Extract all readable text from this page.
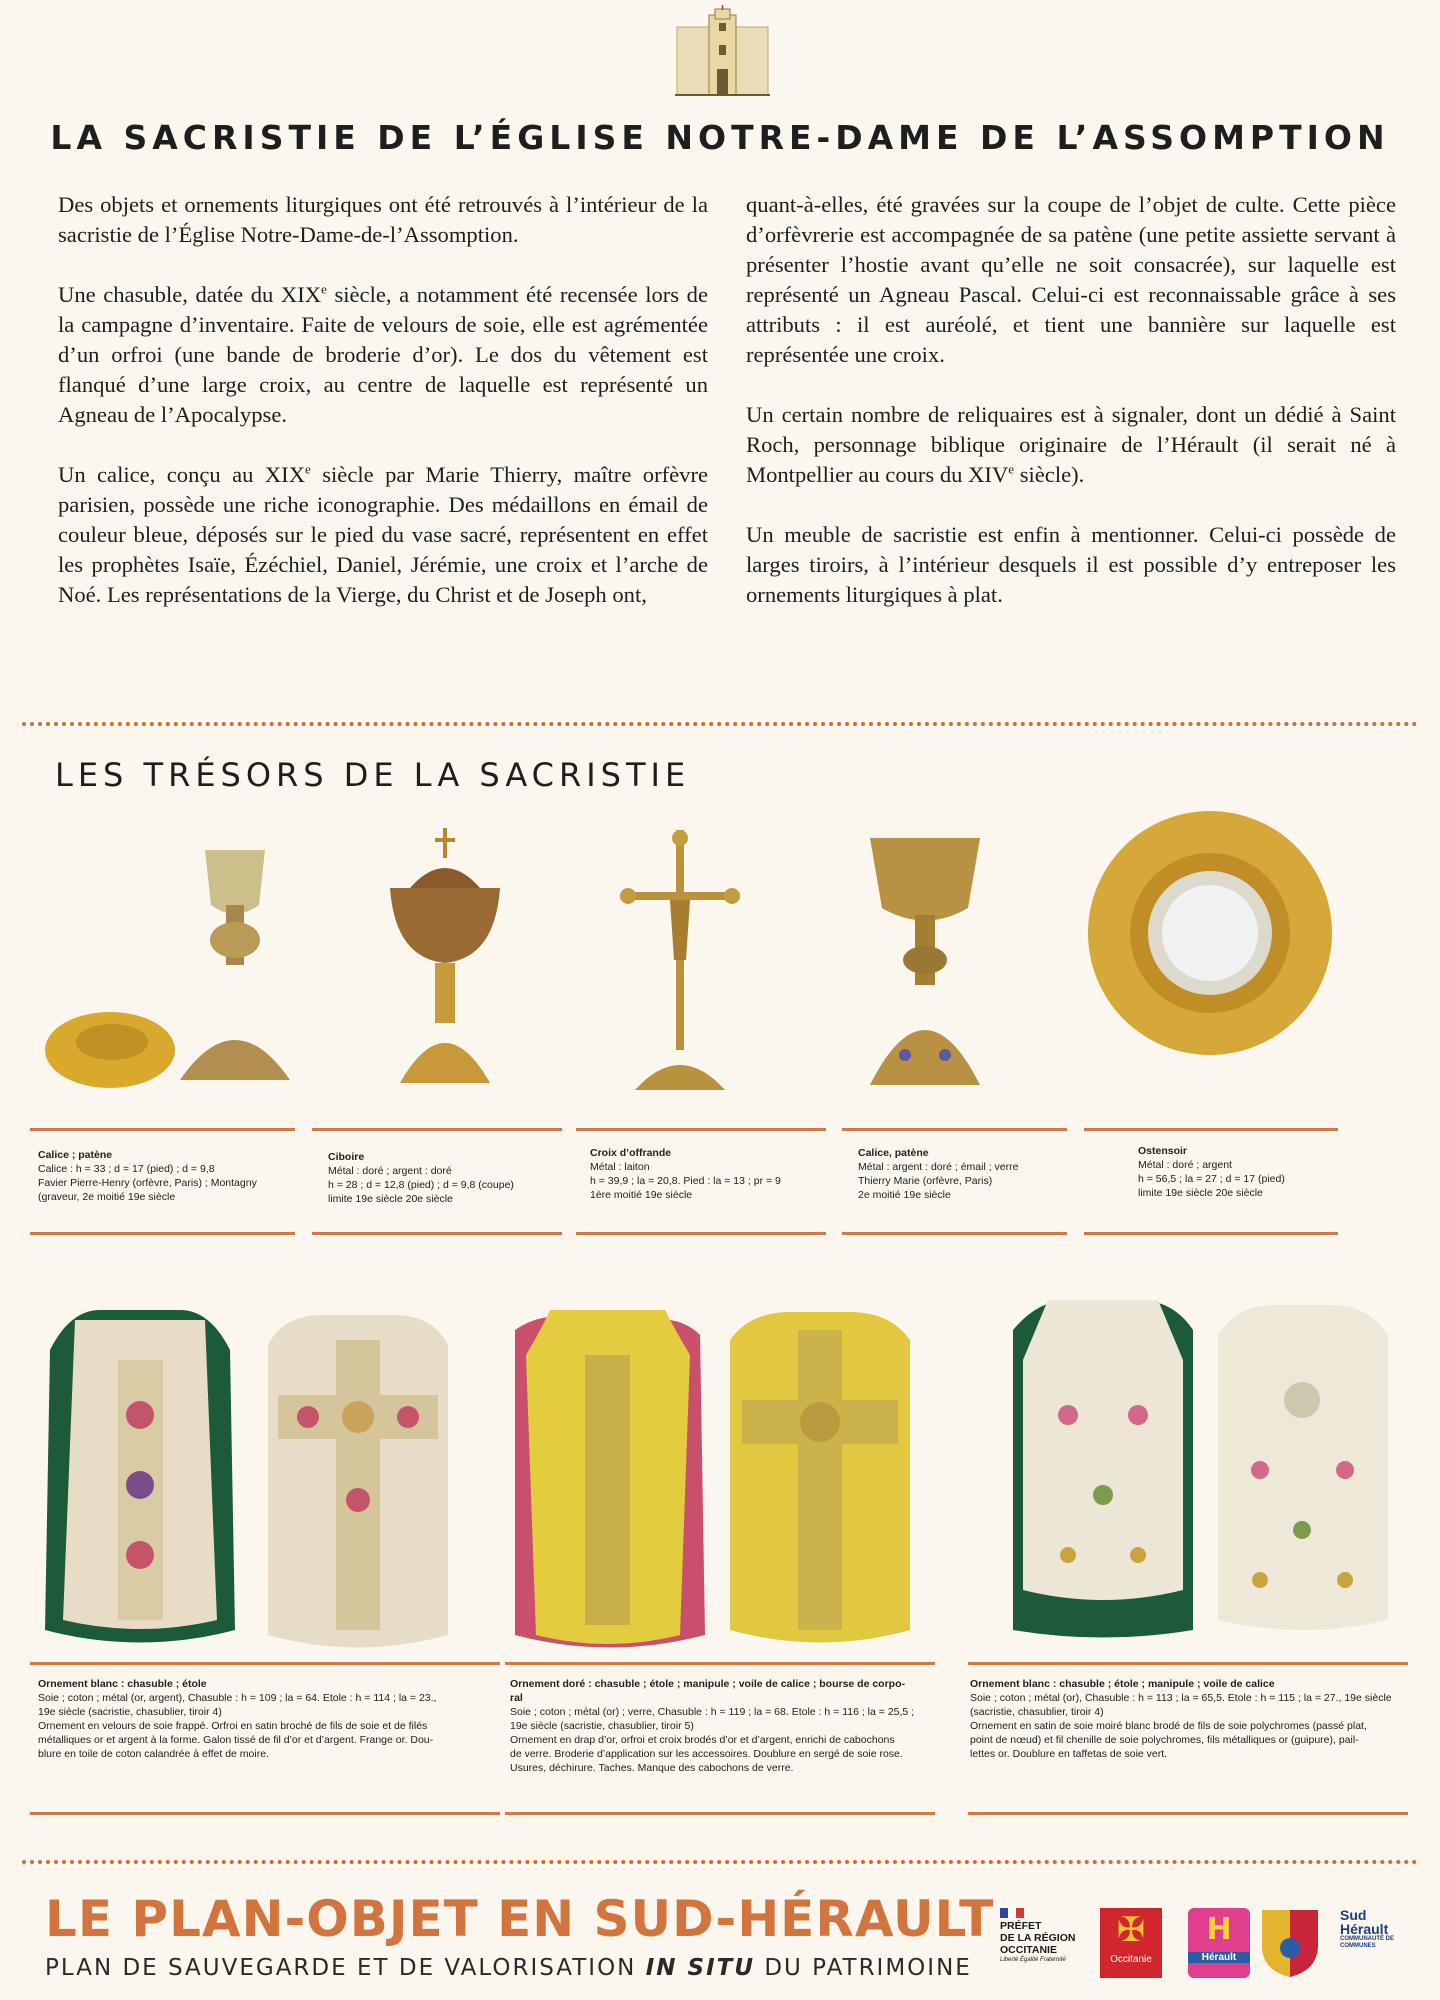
LA SACRISTIE DE L’ÉGLISE NOTRE-DAME DE L’ASSOMPTION

Des objets et ornements liturgiques ont été retrouvés à l’intérieur de la sacristie de l’Église Notre-Dame-de-l’Assomption.

Une chasuble, datée du XIXe siècle, a notamment été recensée lors de la campagne d’inventaire. Faite de velours de soie, elle est agrémentée d’un orfroi (une bande de broderie d’or). Le dos du vêtement est flanqué d’une large croix, au centre de laquelle est représenté un Agneau de l’Apocalypse.

Un calice, conçu au XIXe siècle par Marie Thierry, maître orfèvre parisien, possède une riche iconographie. Des médaillons en émail de couleur bleue, déposés sur le pied du vase sacré, représentent en effet les prophètes Isaïe, Ézéchiel, Daniel, Jérémie, une croix et l’arche de Noé. Les représentations de la Vierge, du Christ et de Joseph ont,

quant-à-elles, été gravées sur la coupe de l’objet de culte. Cette pièce d’orfèvrerie est accompagnée de sa patène (une petite assiette servant à présenter l’hostie avant qu’elle ne soit consacrée), sur laquelle est représenté un Agneau Pascal. Celui-ci est reconnaissable grâce à ses attributs : il est auréolé, et tient une bannière sur laquelle est représentée une croix.

Un certain nombre de reliquaires est à signaler, dont un dédié à Saint Roch, personnage biblique originaire de l’Hérault (il serait né à Montpellier au cours du XIVe siècle).

Un meuble de sacristie est enfin à mentionner. Celui-ci possède de larges tiroirs, à l’intérieur desquels il est possible d’y entreposer les ornements liturgiques à plat.

LES TRÉSORS DE LA SACRISTIE
Calice ; patène
Calice : h = 33 ; d = 17 (pied) ; d = 9,8
Favier Pierre-Henry (orfèvre, Paris) ; Montagny
(graveur, 2e moitié 19e siècle
Ciboire
Métal : doré ; argent : doré
h = 28 ; d = 12,8 (pied) ; d = 9,8 (coupe)
limite 19e siècle 20e siècle
Croix d’offrande
Métal : laiton
h = 39,9 ; la = 20,8. Pied : la = 13 ; pr = 9
1ère moitié 19e siècle
Calice, patène
Métal : argent : doré ; émail ; verre
Thierry Marie (orfèvre, Paris)
2e moitié 19e siècle
Ostensoir
Métal : doré ; argent
h = 56,5 ; la = 27 ; d = 17 (pied)
limite 19e siècle 20e siècle
Ornement blanc : chasuble ; étole
Soie ; coton ; métal (or, argent), Chasuble : h = 109 ; la = 64. Etole : h = 114 ; la = 23.,
19e siècle (sacristie, chasublier, tiroir 4)
Ornement en velours de soie frappé. Orfroi en satin broché de fils de soie et de filés
métalliques or et argent à la forme. Galon tissé de fil d’or et d’argent. Frange or. Dou-
blure en toile de coton calandrée à effet de moire.
Ornement doré : chasuble ; étole ; manipule ; voile de calice ; bourse de corpo-
ral
Soie ; coton ; métal (or) ; verre, Chasuble : h = 119 ; la = 68. Etole : h = 116 ; la = 25,5 ;
19e siècle (sacristie, chasublier, tiroir 5)
Ornement en drap d’or, orfroi et croix brodés d’or et d’argent, enrichi de cabochons
de verre. Broderie d’application sur les accessoires. Doublure en sergé de soie rose.
Usures, déchirure. Taches. Manque des cabochons de verre.
Ornement blanc : chasuble ; étole ; manipule ; voile de calice
Soie ; coton ; métal (or), Chasuble : h = 113 ; la = 65,5. Etole : h = 115 ; la = 27., 19e siècle
(sacristie, chasublier, tiroir 4)
Ornement en satin de soie moiré blanc brodé de fils de soie polychromes (passé plat,
point de nœud) et fil chenille de soie polychromes, fils métalliques or (guipure), pail-
lettes or. Doublure en taffetas de soie vert.
LE PLAN-OBJET EN SUD-HÉRAULT
PLAN DE SAUVEGARDE ET DE VALORISATION IN SITU DU PATRIMOINE
PRÉFET
DE LA RÉGION
OCCITANIE
Liberté Égalité Fraternité
✠
Occitanie
H
Hérault
Sud
Hérault
COMMUNAUTÉ DE COMMUNES
